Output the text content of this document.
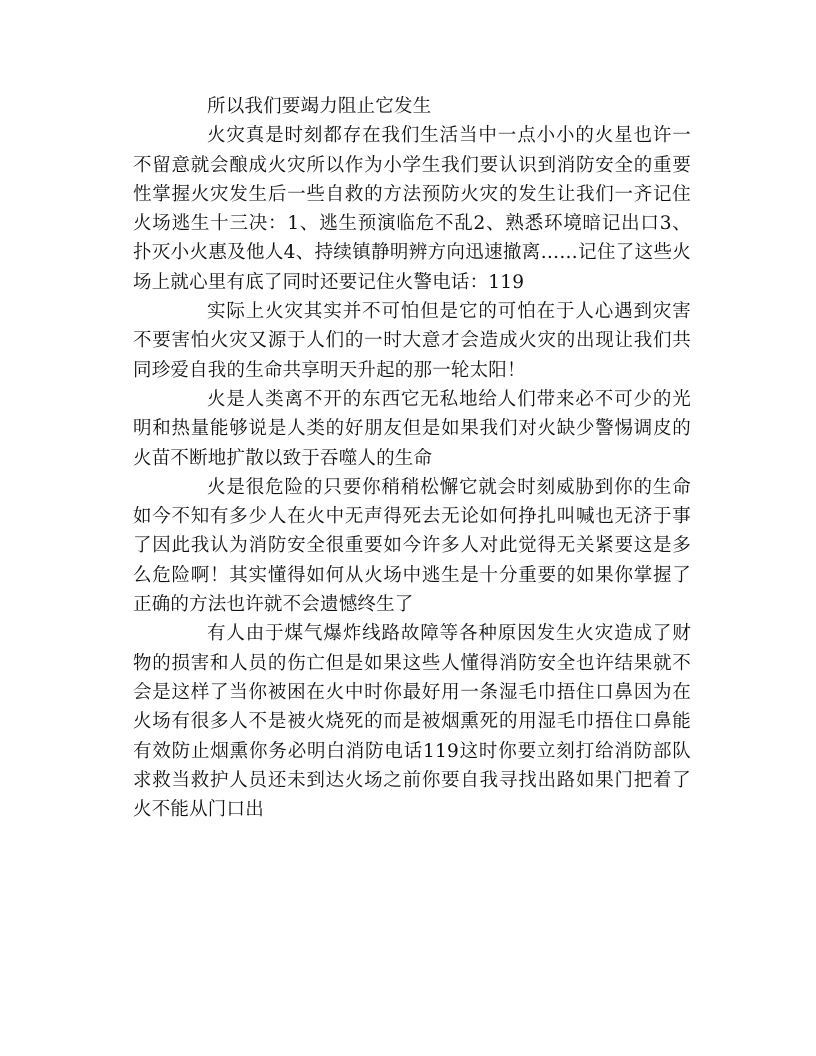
所以我们要竭力阻止它发生

火灾真是时刻都存在我们生活当中一点小小的火星也许一不留意就会酿成火灾所以作为小学生我们要认识到消防安全的重要性掌握火灾发生后一些自救的方法预防火灾的发生让我们一齐记住火场逃生十三决：1、逃生预演临危不乱2、熟悉环境暗记出口3、扑灭小火惠及他人4、持续镇静明辨方向迅速撤离……记住了这些火场上就心里有底了同时还要记住火警电话：119

实际上火灾其实并不可怕但是它的可怕在于人心遇到灾害不要害怕火灾又源于人们的一时大意才会造成火灾的出现让我们共同珍爱自我的生命共享明天升起的那一轮太阳！

火是人类离不开的东西它无私地给人们带来必不可少的光明和热量能够说是人类的好朋友但是如果我们对火缺少警惕调皮的火苗不断地扩散以致于吞噬人的生命

火是很危险的只要你稍稍松懈它就会时刻威胁到你的生命如今不知有多少人在火中无声得死去无论如何挣扎叫喊也无济于事了因此我认为消防安全很重要如今许多人对此觉得无关紧要这是多么危险啊！其实懂得如何从火场中逃生是十分重要的如果你掌握了正确的方法也许就不会遗憾终生了

有人由于煤气爆炸线路故障等各种原因发生火灾造成了财物的损害和人员的伤亡但是如果这些人懂得消防安全也许结果就不会是这样了当你被困在火中时你最好用一条湿毛巾捂住口鼻因为在火场有很多人不是被火烧死的而是被烟熏死的用湿毛巾捂住口鼻能有效防止烟熏你务必明白消防电话119这时你要立刻打给消防部队求救当救护人员还未到达火场之前你要自我寻找出路如果门把着了火不能从门口出
